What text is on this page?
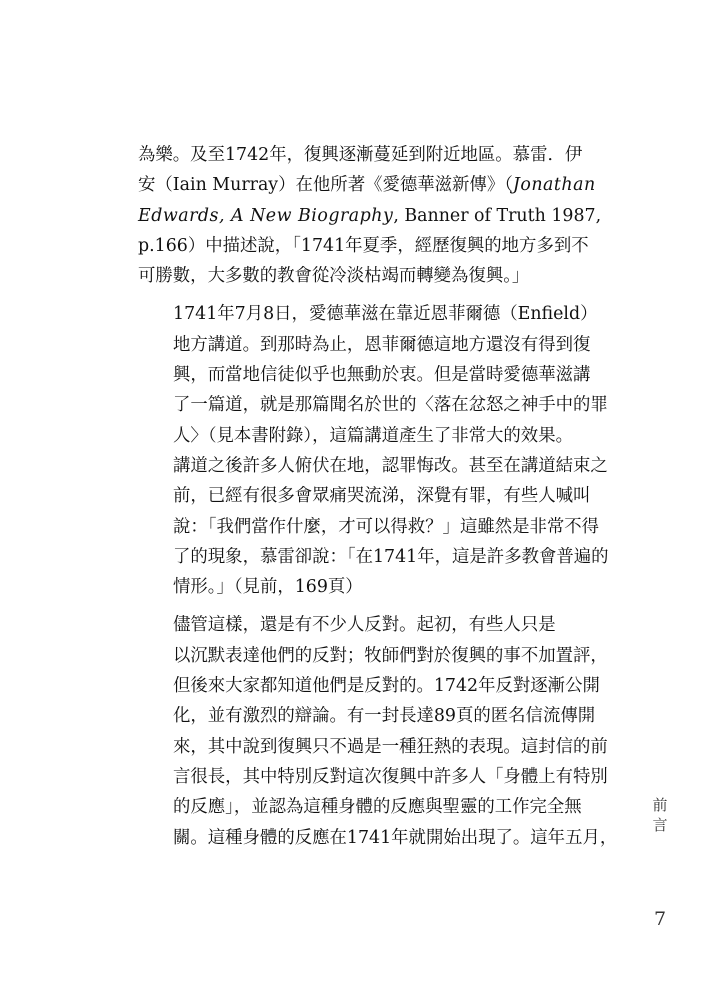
為樂。及至1742年，復興逐漸蔓延到附近地區。慕雷．伊
安（Iain Murray）在他所著《愛德華滋新傳》（Jonathan
Edwards, A New Biography, Banner of Truth 1987,
p.166）中描述說，「1741年夏季，經歷復興的地方多到不
可勝數，大多數的教會從冷淡枯竭而轉變為復興。」

1741年7月8日，愛德華滋在靠近恩菲爾德（Enfield）
地方講道。到那時為止，恩菲爾德這地方還沒有得到復
興，而當地信徒似乎也無動於衷。但是當時愛德華滋講
了一篇道，就是那篇聞名於世的〈落在忿怒之神手中的罪
人〉（見本書附錄），這篇講道產生了非常大的效果。
講道之後許多人俯伏在地，認罪悔改。甚至在講道結束之
前，已經有很多會眾痛哭流涕，深覺有罪，有些人喊叫
說：「我們當作什麼，才可以得救？」這雖然是非常不得
了的現象，慕雷卻說：「在1741年，這是許多教會普遍的
情形。」（見前，169頁）

儘管這樣，還是有不少人反對。起初，有些人只是
以沉默表達他們的反對；牧師們對於復興的事不加置評，
但後來大家都知道他們是反對的。1742年反對逐漸公開
化，並有激烈的辯論。有一封長達89頁的匿名信流傳開
來，其中說到復興只不過是一種狂熱的表現。這封信的前
言很長，其中特別反對這次復興中許多人「身體上有特別
的反應」，並認為這種身體的反應與聖靈的工作完全無
關。這種身體的反應在1741年就開始出現了。這年五月，

前言
7
